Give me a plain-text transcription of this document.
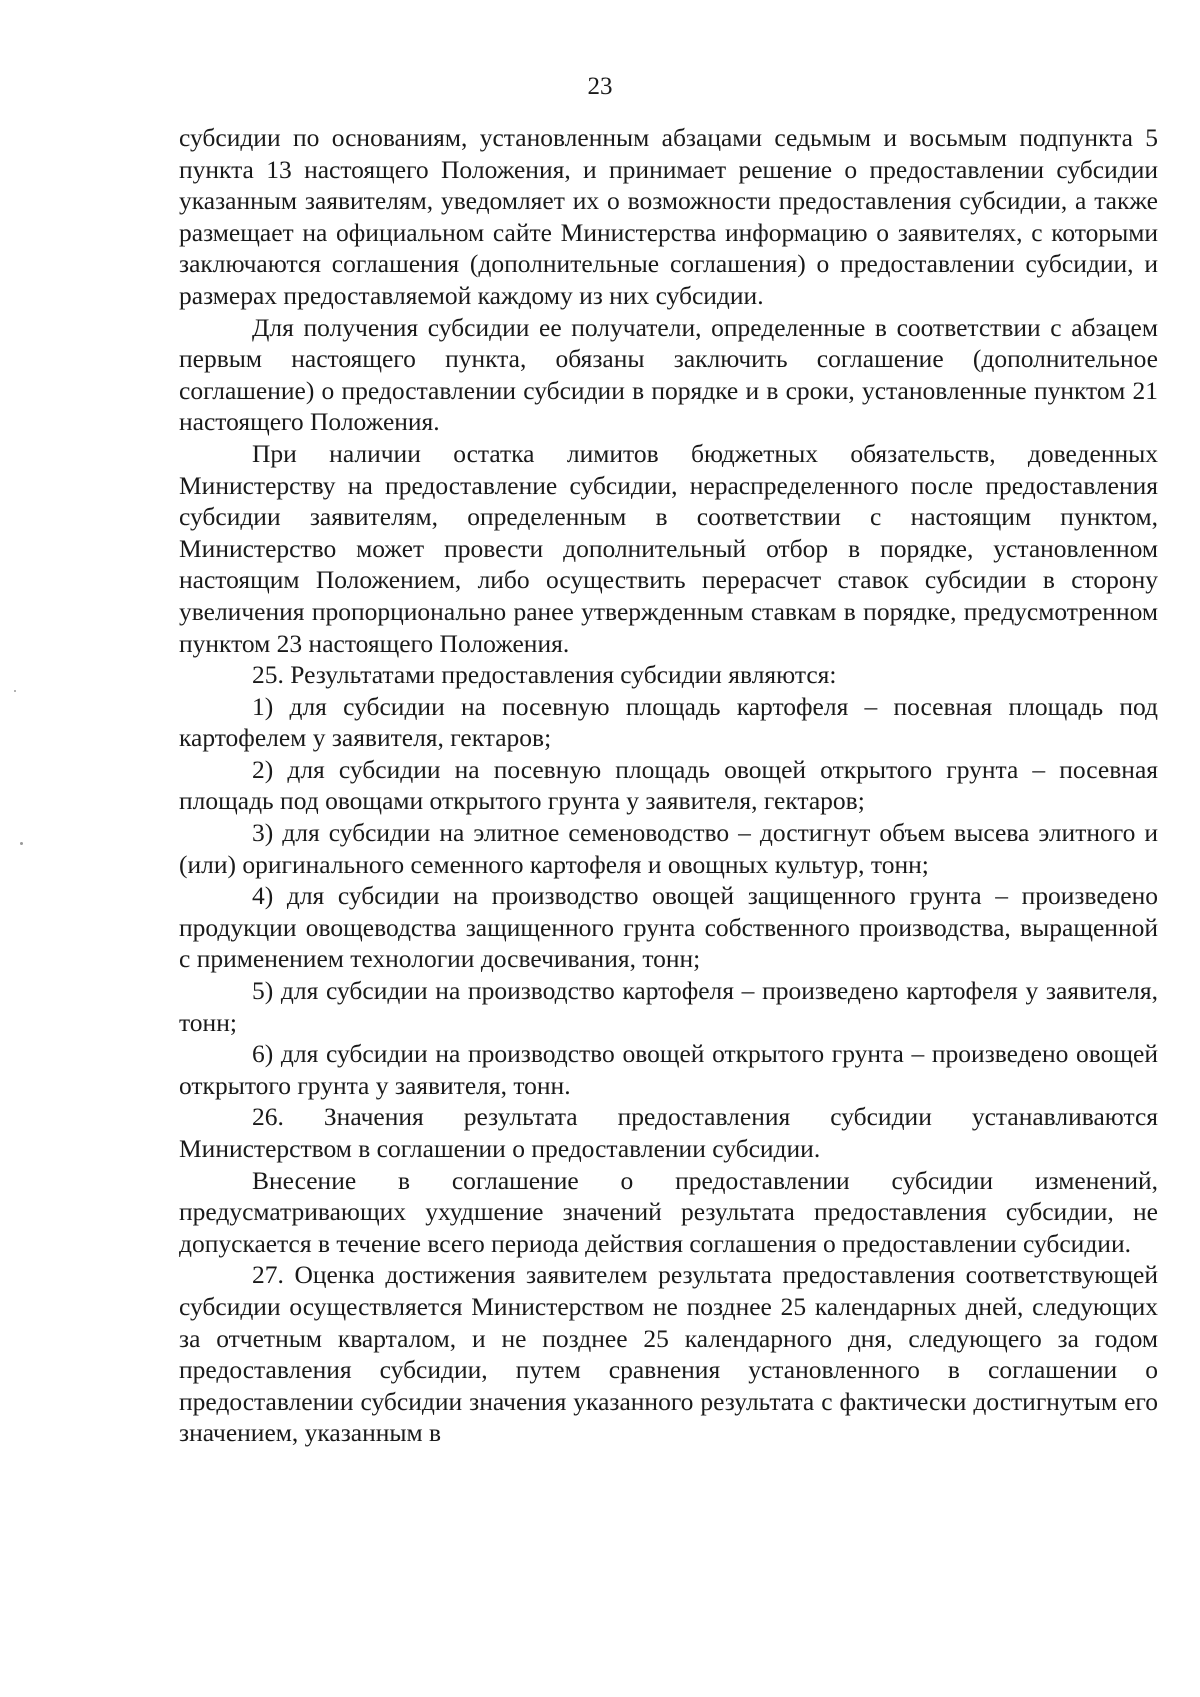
23

субсидии по основаниям, установленным абзацами седьмым и восьмым подпункта 5 пункта 13 настоящего Положения, и принимает решение о предоставлении субсидии указанным заявителям, уведомляет их о возможности предоставления субсидии, а также размещает на официальном сайте Министерства информацию о заявителях, с которыми заключаются соглашения (дополнительные соглашения) о предоставлении субсидии, и размерах предоставляемой каждому из них субсидии.

Для получения субсидии ее получатели, определенные в соответствии с абзацем первым настоящего пункта, обязаны заключить соглашение (дополнительное соглашение) о предоставлении субсидии в порядке и в сроки, установленные пунктом 21 настоящего Положения.

При наличии остатка лимитов бюджетных обязательств, доведенных Министерству на предоставление субсидии, нераспределенного после предоставления субсидии заявителям, определенным в соответствии с настоящим пунктом, Министерство может провести дополнительный отбор в порядке, установленном настоящим Положением, либо осуществить перерасчет ставок субсидии в сторону увеличения пропорционально ранее утвержденным ставкам в порядке, предусмотренном пунктом 23 настоящего Положения.

25. Результатами предоставления субсидии являются:

1) для субсидии на посевную площадь картофеля – посевная площадь под картофелем у заявителя, гектаров;

2) для субсидии на посевную площадь овощей открытого грунта – посевная площадь под овощами открытого грунта у заявителя, гектаров;

3) для субсидии на элитное семеноводство – достигнут объем высева элитного и (или) оригинального семенного картофеля и овощных культур, тонн;

4) для субсидии на производство овощей защищенного грунта – произведено продукции овощеводства защищенного грунта собственного производства, выращенной с применением технологии досвечивания, тонн;

5) для субсидии на производство картофеля – произведено картофеля у заявителя, тонн;

6) для субсидии на производство овощей открытого грунта – произведено овощей открытого грунта у заявителя, тонн.

26. Значения результата предоставления субсидии устанавливаются Министерством в соглашении о предоставлении субсидии.

Внесение в соглашение о предоставлении субсидии изменений, предусматривающих ухудшение значений результата предоставления субсидии, не допускается в течение всего периода действия соглашения о предоставлении субсидии.

27. Оценка достижения заявителем результата предоставления соответствующей субсидии осуществляется Министерством не позднее 25 календарных дней, следующих за отчетным кварталом, и не позднее 25 календарного дня, следующего за годом предоставления субсидии, путем сравнения установленного в соглашении о предоставлении субсидии значения указанного результата с фактически достигнутым его значением, указанным в
